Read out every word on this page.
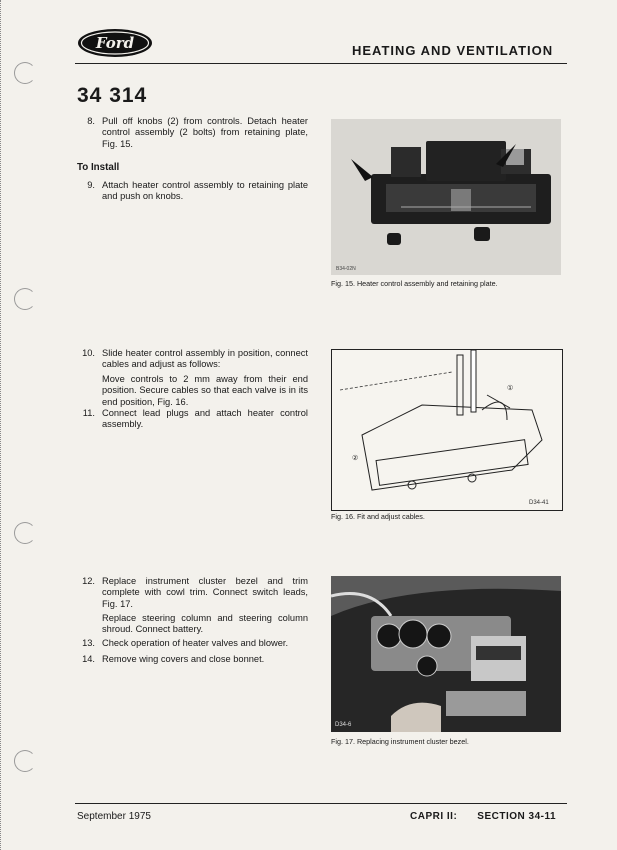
Ford	HEATING AND VENTILATION
34 314
8. Pull off knobs (2) from controls. Detach heater control assembly (2 bolts) from retaining plate, Fig. 15.
To Install
9. Attach heater control assembly to retaining plate and push on knobs.
B34-02N
Fig. 15. Heater control assembly and retaining plate.
10. Slide heater control assembly in position, connect cables and adjust as follows:
Move controls to 2 mm away from their end position. Secure cables so that each valve is in its end position, Fig. 16.
11. Connect lead plugs and attach heater control assembly.
①
②
D34-41
Fig. 16. Fit and adjust cables.
12. Replace instrument cluster bezel and trim complete with cowl trim. Connect switch leads, Fig. 17.
Replace steering column and steering column shroud. Connect battery.
13. Check operation of heater valves and blower.
14. Remove wing covers and close bonnet.
D34-6
Fig. 17. Replacing instrument cluster bezel.
September 1975	CAPRI II: SECTION 34-11
